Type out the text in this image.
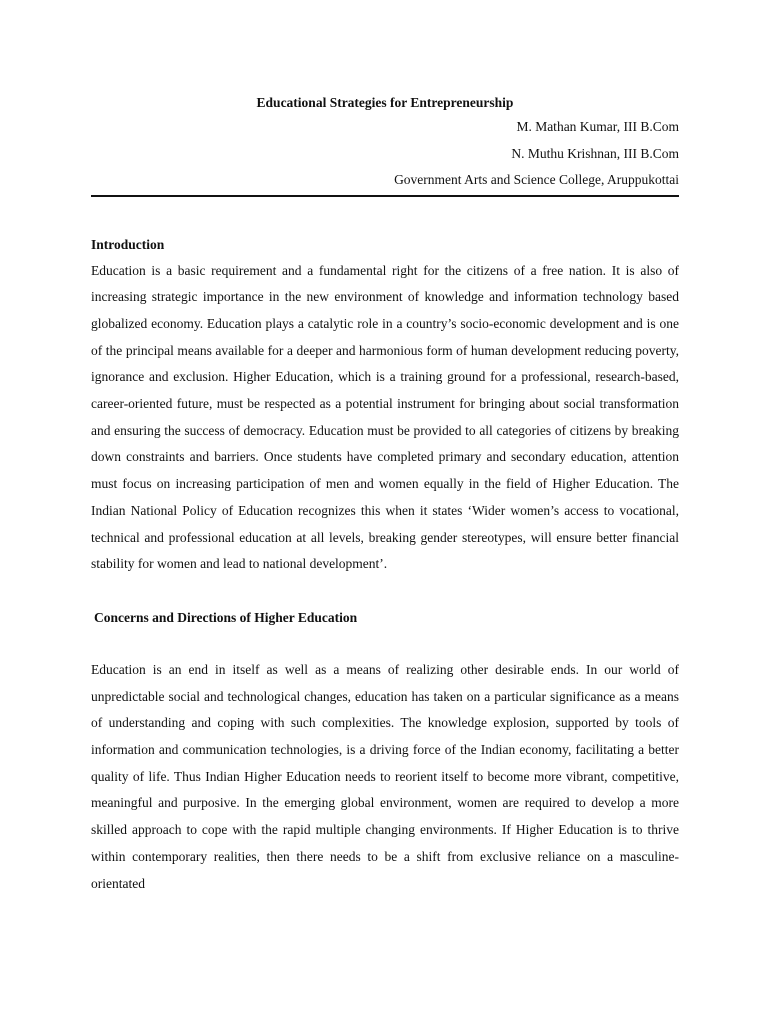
Educational Strategies for Entrepreneurship

M. Mathan Kumar, III B.Com

N. Muthu Krishnan, III B.Com

Government Arts and Science College, Aruppukottai

Introduction

Education is a basic requirement and a fundamental right for the citizens of a free nation. It is also of increasing strategic importance in the new environment of knowledge and information technology based globalized economy. Education plays a catalytic role in a country’s socio-economic development and is one of the principal means available for a deeper and harmonious form of human development reducing poverty, ignorance and exclusion. Higher Education, which is a training ground for a professional, research-based, career-oriented future, must be respected as a potential instrument for bringing about social transformation and ensuring the success of democracy. Education must be provided to all categories of citizens by breaking down constraints and barriers. Once students have completed primary and secondary education, attention must focus on increasing participation of men and women equally in the field of Higher Education. The Indian National Policy of Education recognizes this when it states ‘Wider women’s access to vocational, technical and professional education at all levels, breaking gender stereotypes, will ensure better financial stability for women and lead to national development’.

Concerns and Directions of Higher Education

Education is an end in itself as well as a means of realizing other desirable ends. In our world of unpredictable social and technological changes, education has taken on a particular significance as a means of understanding and coping with such complexities. The knowledge explosion, supported by tools of information and communication technologies, is a driving force of the Indian economy, facilitating a better quality of life. Thus Indian Higher Education needs to reorient itself to become more vibrant, competitive, meaningful and purposive. In the emerging global environment, women are required to develop a more skilled approach to cope with the rapid multiple changing environments. If Higher Education is to thrive within contemporary realities, then there needs to be a shift from exclusive reliance on a masculine-orientated
